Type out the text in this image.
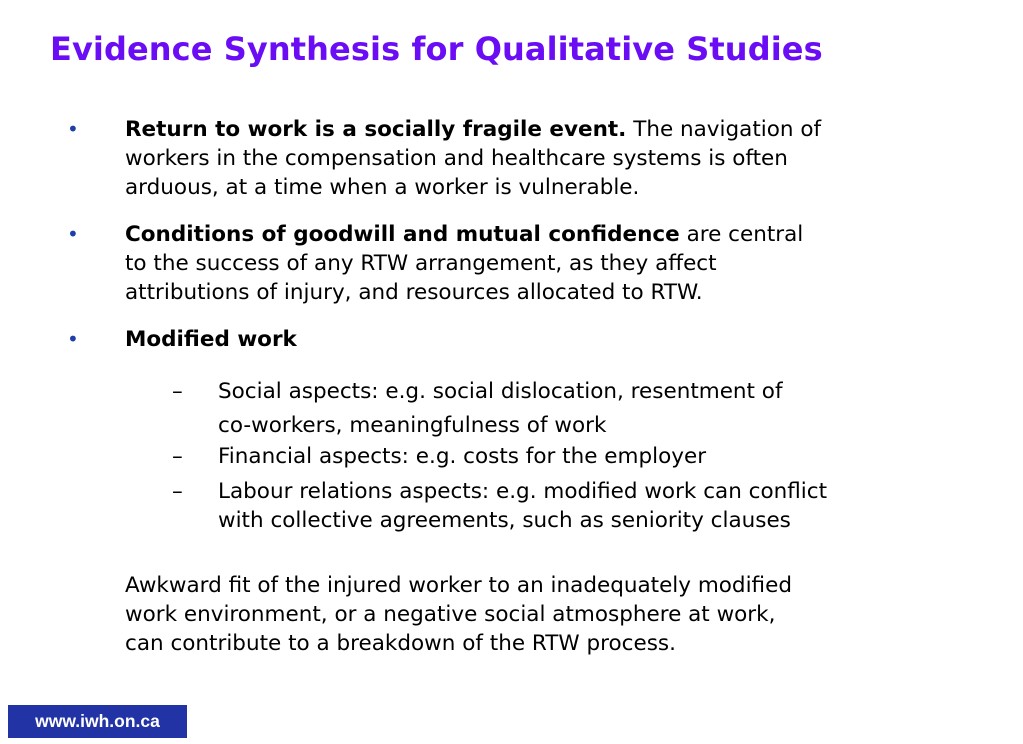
Evidence Synthesis for Qualitative Studies
• Return to work is a socially fragile event. The navigation of
workers in the compensation and healthcare systems is often
arduous, at a time when a worker is vulnerable.
• Conditions of goodwill and mutual confidence are central
to the success of any RTW arrangement, as they affect
attributions of injury, and resources allocated to RTW.
• Modified work
– Social aspects: e.g. social dislocation, resentment of
co-workers, meaningfulness of work
– Financial aspects: e.g. costs for the employer
– Labour relations aspects: e.g. modified work can conflict
with collective agreements, such as seniority clauses
Awkward fit of the injured worker to an inadequately modified
work environment, or a negative social atmosphere at work,
can contribute to a breakdown of the RTW process.
www.iwh.on.ca
